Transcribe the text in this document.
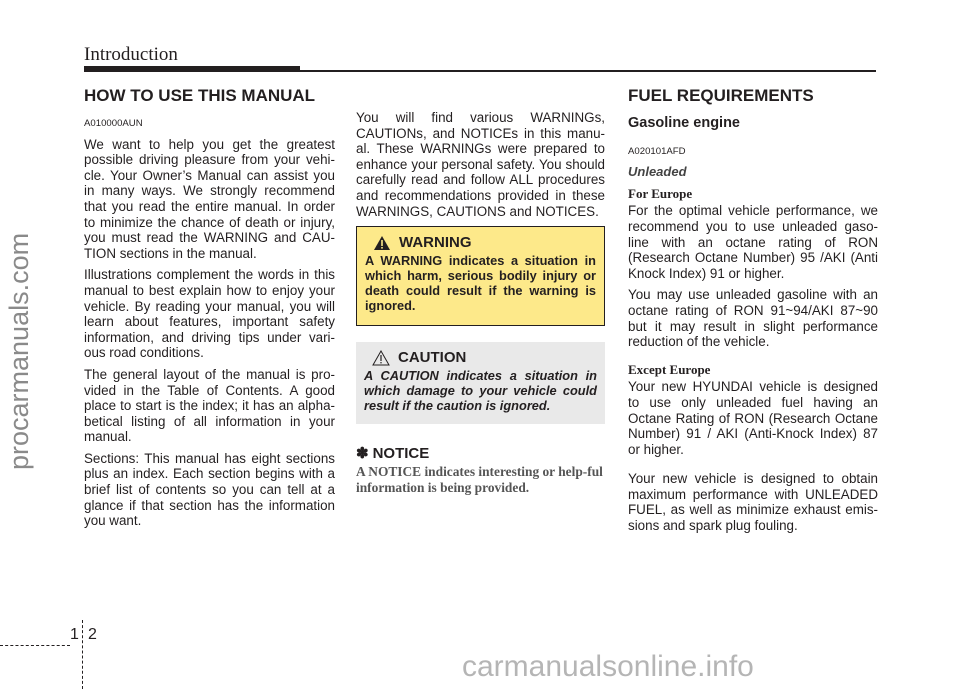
Introduction
procarmanuals.com
HOW TO USE THIS MANUAL
A010000AUN

We want to help you get the greatest possible driving pleasure from your vehi-cle. Your Owner’s Manual can assist you in many ways. We strongly recommend that you read the entire manual. In order to minimize the chance of death or injury, you must read the WARNING and CAU-TION sections in the manual.

Illustrations complement the words in this manual to best explain how to enjoy your vehicle. By reading your manual, you will learn about features, important safety information, and driving tips under vari-ous road conditions.

The general layout of the manual is pro-vided in the Table of Contents. A good place to start is the index; it has an alpha-betical listing of all information in your manual.

Sections: This manual has eight sections plus an index. Each section begins with a brief list of contents so you can tell at a glance if that section has the information you want.

You will find various WARNINGs, CAUTIONs, and NOTICEs in this manu-al. These WARNINGs were prepared to enhance your personal safety. You should carefully read and follow ALL procedures and recommendations provided in these WARNINGS, CAUTIONS and NOTICES.

WARNING
A WARNING indicates a situation in which harm, serious bodily injury or death could result if the warning is ignored.
CAUTION
A CAUTION indicates a situation in which damage to your vehicle could result if the caution is ignored.
✽ NOTICE
A NOTICE indicates interesting or help-ful information is being provided.
FUEL REQUIREMENTS
Gasoline engine
A020101AFD
Unleaded
For Europe

For the optimal vehicle performance, we recommend you to use unleaded gaso-line with an octane rating of RON (Research Octane Number) 95 /AKI (Anti Knock Index) 91 or higher.

You may use unleaded gasoline with an octane rating of RON 91~94/AKI 87~90 but it may result in slight performance reduction of the vehicle.

Except Europe

Your new HYUNDAI vehicle is designed to use only unleaded fuel having an Octane Rating of RON (Research Octane Number) 91 / AKI (Anti-Knock Index) 87 or higher.

Your new vehicle is designed to obtain maximum performance with UNLEADED FUEL, as well as minimize exhaust emis-sions and spark plug fouling.

1 2
carmanualsonline.info
